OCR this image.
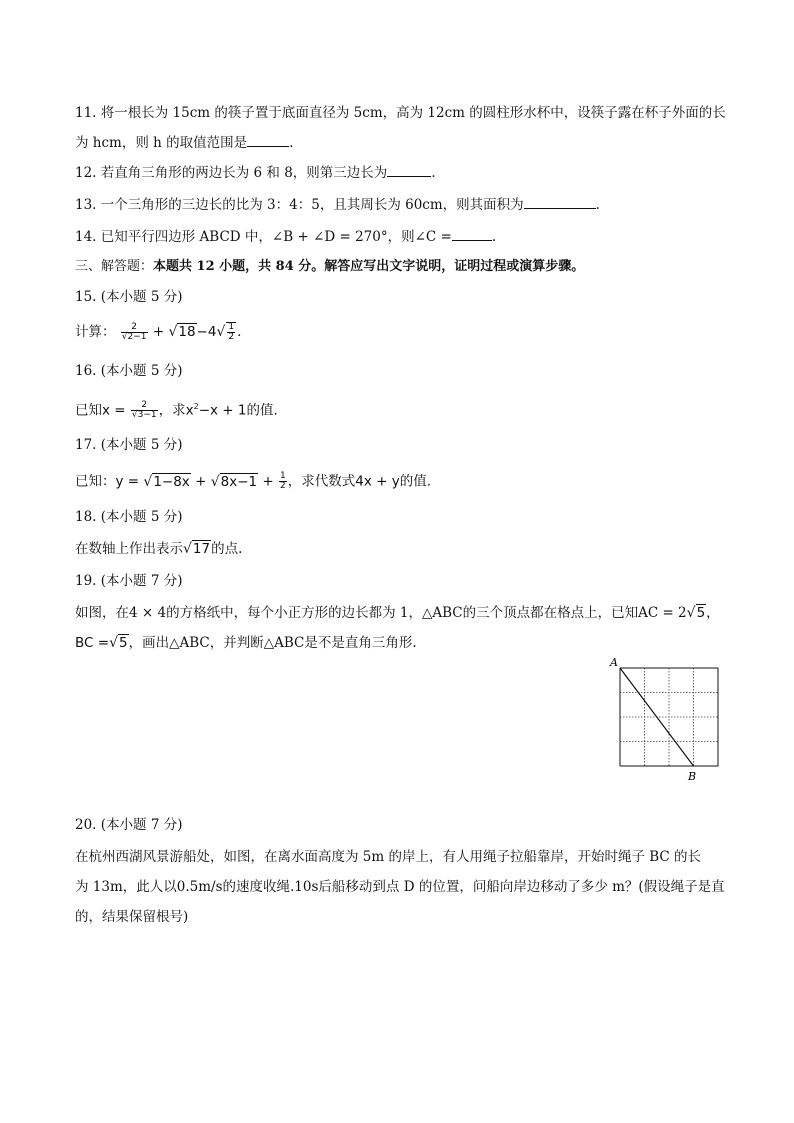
11. 将一根长为 15cm 的筷子置于底面直径为 5cm，高为 12cm 的圆柱形水杯中，设筷子露在杯子外面的长
为 hcm，则 h 的取值范围是	.
12. 若直角三角形的两边长为 6 和 8，则第三边长为	.
13. 一个三角形的三边长的比为 3：4：5，且其周长为 60cm，则其面积为	.
14. 已知平行四边形 ABCD 中，∠B + ∠D = 270°，则∠C =	.
三、解答题：本题共 12 小题，共 84 分。解答应写出文字说明，证明过程或演算步骤。
15. (本小题 5 分)
计算： $\frac{2}{√2-1} + √18-4√ \frac{1}{2}$ .
16. (本小题 5 分)
已知$x = \frac{2}{√3-1}$ ，求$x^2-x + 1$的值.
17. (本小题 5 分)
已知：$y = √1-8x + √8x-1 + \frac{1}{2}$ ，求代数式4x + y的值.
18. (本小题 5 分)
在数轴上作出表示√17的点.
19. (本小题 7 分)
如图，在4 × 4的方格纸中，每个小正方形的边长都为 1，△ABC的三个顶点都在格点上，已知AC = 2√5，
BC =√5，画出△ABC，并判断△ABC是不是直角三角形.
A
B
20. (本小题 7 分)
在杭州西湖风景游船处，如图，在离水面高度为 5m 的岸上，有人用绳子拉船靠岸，开始时绳子 BC 的长
为 13m，此人以0.5m/s的速度收绳.10s后船移动到点 D 的位置，问船向岸边移动了多少 m？(假设绳子是直
的，结果保留根号)
